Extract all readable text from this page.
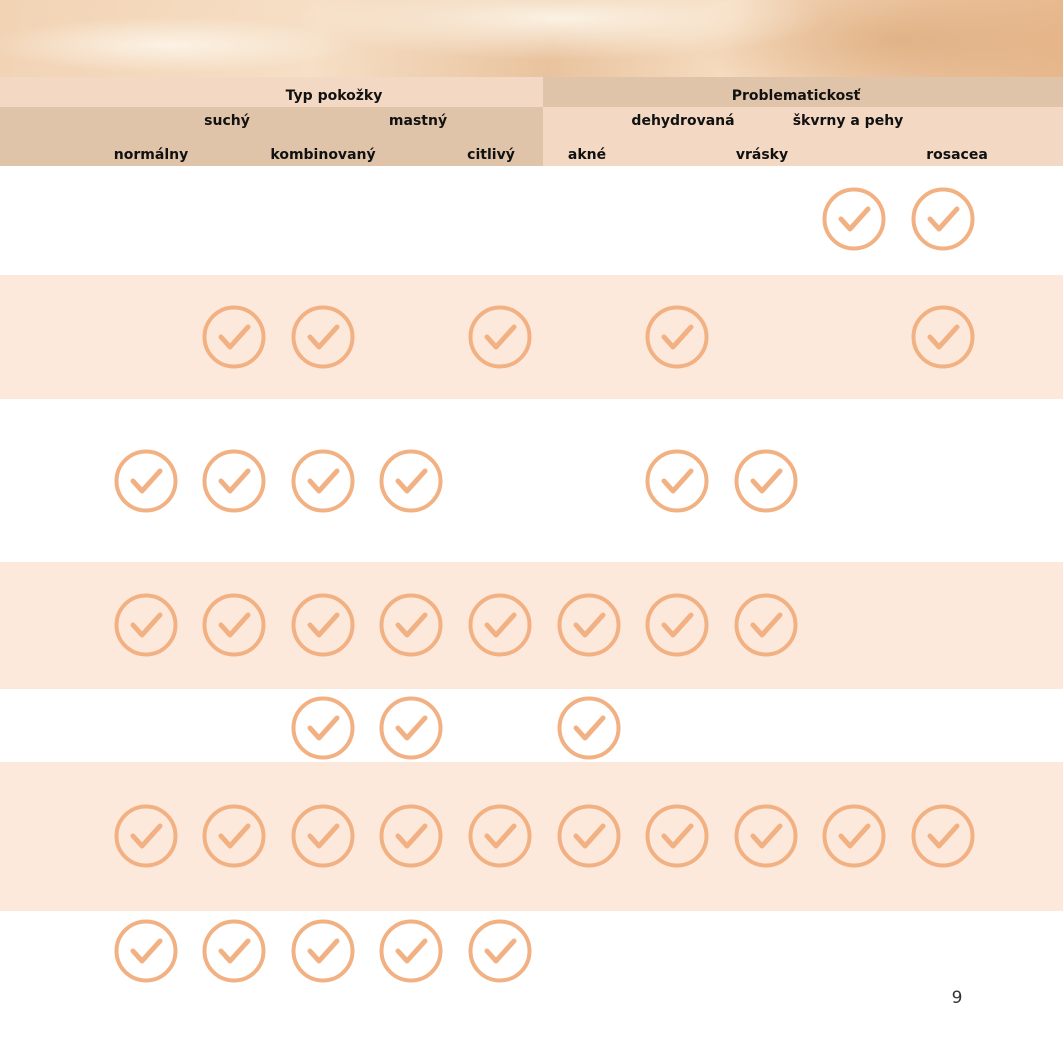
Typ pokožky	Problematickosť
normálny
suchý
kombinovaný
mastný
citlivý	akné
dehydrovaná
vrásky
škvrny a pehy
rosacea
9
